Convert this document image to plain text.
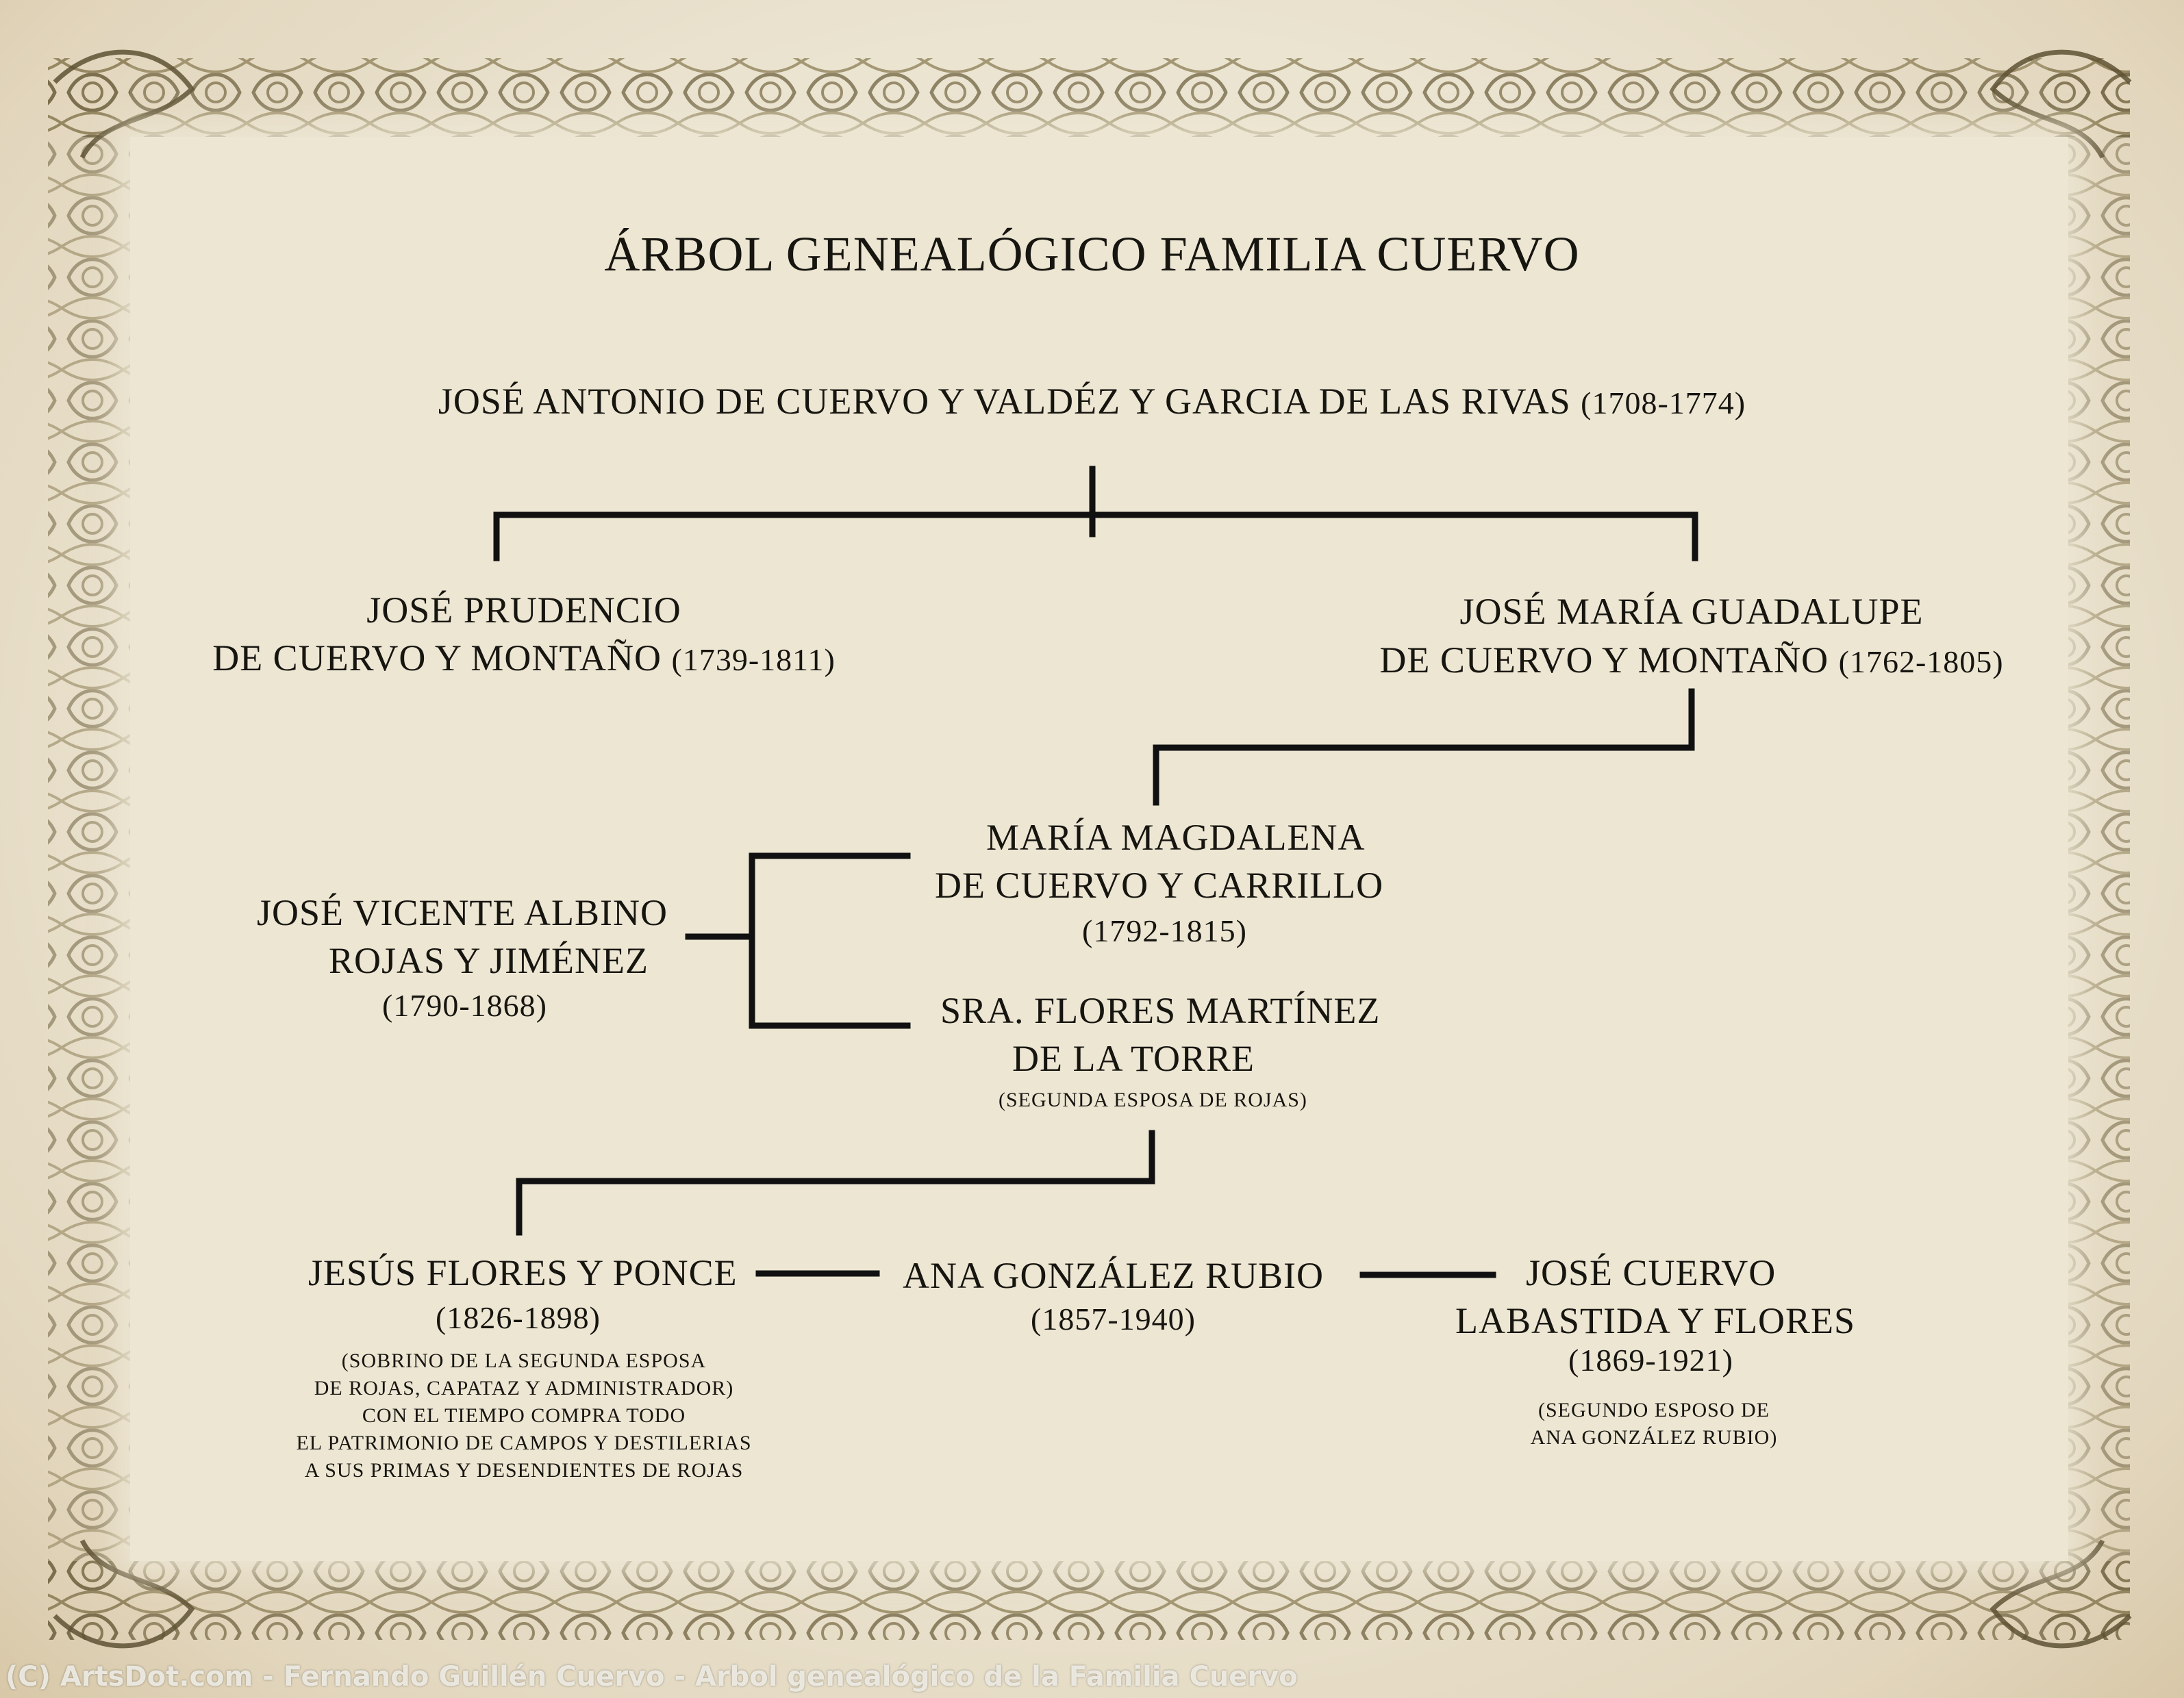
ÁRBOL GENEALÓGICO FAMILIA CUERVO
JOSÉ ANTONIO DE CUERVO Y VALDÉZ Y GARCIA DE LAS RIVAS (1708-1774)
JOSÉ PRUDENCIO
DE CUERVO Y MONTAÑO (1739-1811)
JOSÉ MARÍA GUADALUPE
DE CUERVO Y MONTAÑO (1762-1805)
JOSÉ VICENTE ALBINO
ROJAS Y JIMÉNEZ
(1790-1868)
MARÍA MAGDALENA
DE CUERVO Y CARRILLO
(1792-1815)
SRA. FLORES MARTÍNEZ
DE LA TORRE
(SEGUNDA ESPOSA DE ROJAS)
JESÚS FLORES Y PONCE
(1826-1898)
(SOBRINO DE LA SEGUNDA ESPOSA
DE ROJAS, CAPATAZ Y ADMINISTRADOR)
CON EL TIEMPO COMPRA TODO
EL PATRIMONIO DE CAMPOS Y DESTILERIAS
A SUS PRIMAS Y DESENDIENTES DE ROJAS
ANA GONZÁLEZ RUBIO
(1857-1940)
JOSÉ CUERVO
LABASTIDA Y FLORES
(1869-1921)
(SEGUNDO ESPOSO DE
ANA GONZÁLEZ RUBIO)
(C) ArtsDot.com - Fernando Guillén Cuervo - Arbol genealógico de la Familia Cuervo
